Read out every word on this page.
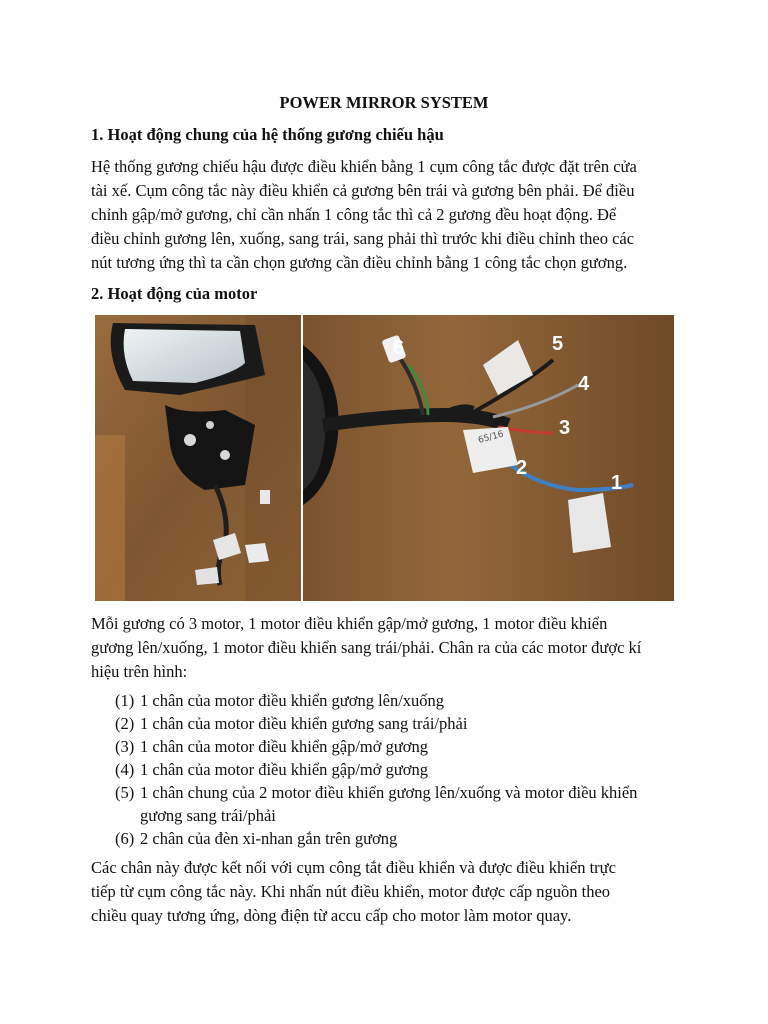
POWER MIRROR SYSTEM
1. Hoạt động chung của hệ thống gương chiếu hậu
Hệ thống gương chiếu hậu được điều khiển bằng 1 cụm công tắc được đặt trên cửa
tài xế. Cụm công tắc này điều khiển cả gương bên trái và gương bên phải. Để điều
chỉnh gập/mở gương, chỉ cần nhấn 1 công tắc thì cả 2 gương đều hoạt động. Để
điều chỉnh gương lên, xuống, sang trái, sang phải thì trước khi điều chỉnh theo các
nút tương ứng thì ta cần chọn gương cần điều chỉnh bằng 1 công tắc chọn gương.
2. Hoạt động của motor
1
2
3
4
5
6
65/16
Mỗi gương có 3 motor, 1 motor điều khiển gập/mở gương, 1 motor điều khiển
gương lên/xuống, 1 motor điều khiển sang trái/phải. Chân ra của các motor được kí
hiệu trên hình:
(1) 1 chân của motor điều khiển gương lên/xuống
(2) 1 chân của motor điều khiển gương sang trái/phải
(3) 1 chân của motor điều khiển gập/mở gương
(4) 1 chân của motor điều khiển gập/mở gương
(5) 1 chân chung của 2 motor điều khiển gương lên/xuống và motor điều khiển
gương sang trái/phải
(6) 2 chân của đèn xi-nhan gắn trên gương
Các chân này được kết nối với cụm công tắt điều khiển và được điều khiển trực
tiếp từ cụm công tắc này. Khi nhấn nút điều khiển, motor được cấp nguồn theo
chiều quay tương ứng, dòng điện từ accu cấp cho motor làm motor quay.
